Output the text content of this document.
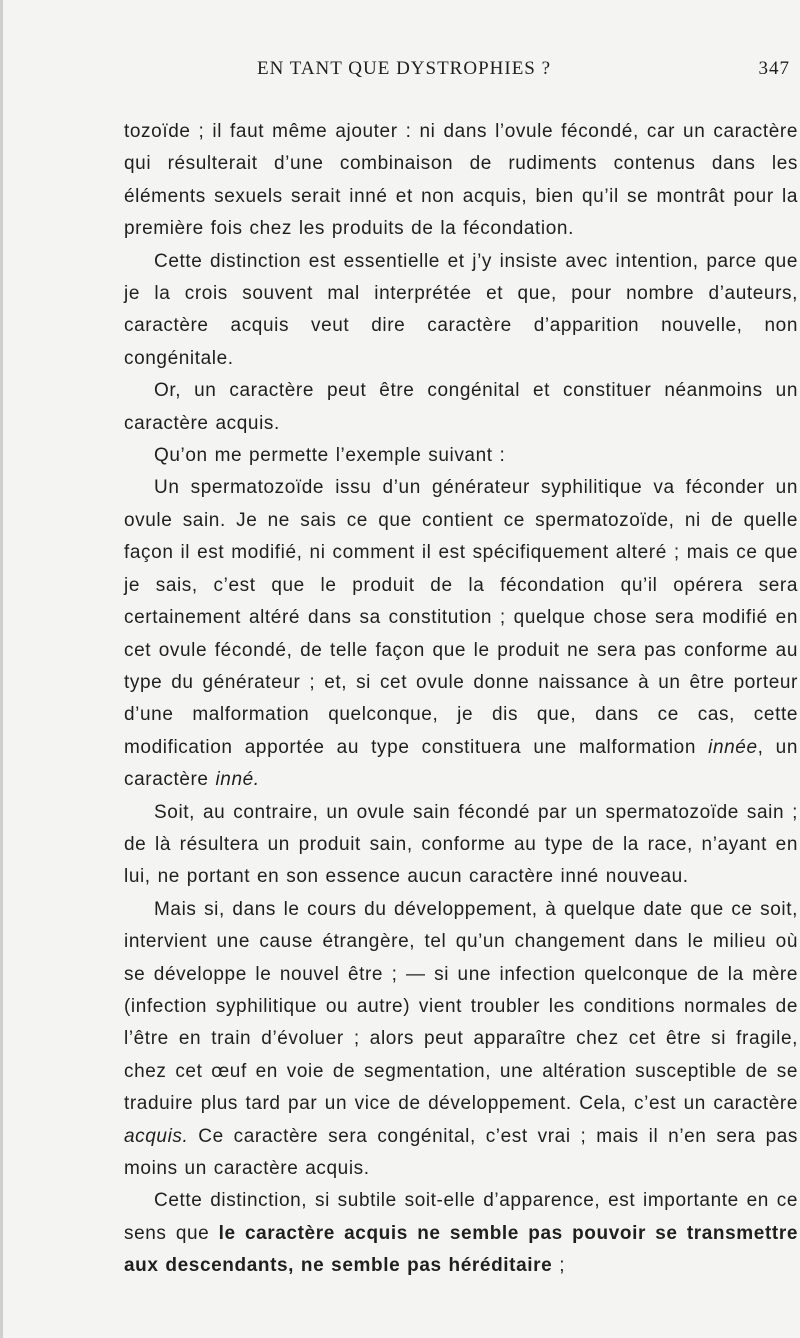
EN TANT QUE DYSTROPHIES ?	347

tozoïde ; il faut même ajouter : ni dans l’ovule fécondé, car un caractère qui résulterait d’une combinaison de rudiments contenus dans les éléments sexuels serait inné et non acquis, bien qu’il se montrât pour la première fois chez les produits de la fécondation.

Cette distinction est essentielle et j’y insiste avec intention, parce que je la crois souvent mal interprétée et que, pour nombre d’auteurs, caractère acquis veut dire caractère d’apparition nouvelle, non congénitale.

Or, un caractère peut être congénital et constituer néanmoins un caractère acquis.

Qu’on me permette l’exemple suivant :

Un spermatozoïde issu d’un générateur syphilitique va féconder un ovule sain. Je ne sais ce que contient ce spermatozoïde, ni de quelle façon il est modifié, ni comment il est spécifiquement alteré ; mais ce que je sais, c’est que le produit de la fécondation qu’il opérera sera certainement altéré dans sa constitution ; quelque chose sera modifié en cet ovule fécondé, de telle façon que le produit ne sera pas conforme au type du générateur ; et, si cet ovule donne naissance à un être porteur d’une malformation quelconque, je dis que, dans ce cas, cette modification apportée au type constituera une malformation innée, un caractère inné.

Soit, au contraire, un ovule sain fécondé par un spermatozoïde sain ; de là résultera un produit sain, conforme au type de la race, n’ayant en lui, ne portant en son essence aucun caractère inné nouveau.

Mais si, dans le cours du développement, à quelque date que ce soit, intervient une cause étrangère, tel qu’un changement dans le milieu où se développe le nouvel être ; — si une infection quelconque de la mère (infection syphilitique ou autre) vient troubler les conditions normales de l’être en train d’évoluer ; alors peut apparaître chez cet être si fragile, chez cet œuf en voie de segmentation, une altération susceptible de se traduire plus tard par un vice de développement. Cela, c’est un caractère acquis. Ce caractère sera congénital, c’est vrai ; mais il n’en sera pas moins un caractère acquis.

Cette distinction, si subtile soit-elle d’apparence, est importante en ce sens que le caractère acquis ne semble pas pouvoir se transmettre aux descendants, ne semble pas héréditaire ;
